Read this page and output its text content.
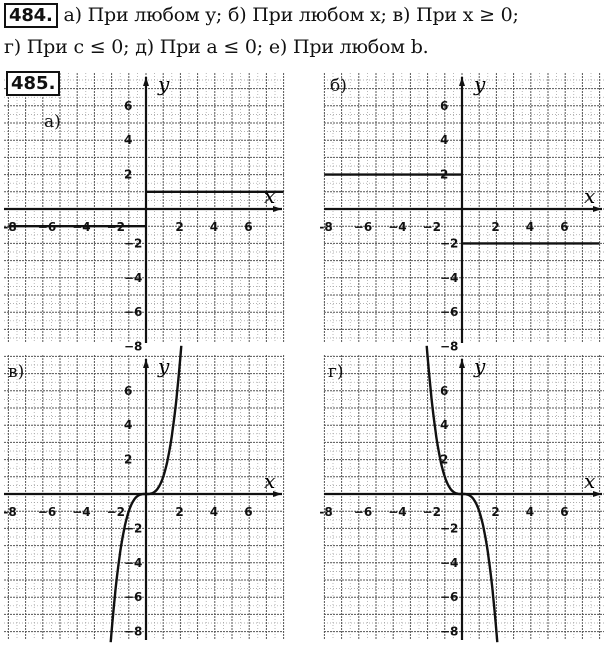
484. а) При любом y; б) При любом x; в) При x ≥ 0;
г) При c ≤ 0; д) При a ≤ 0; е) При любом b.
x
y
-8 −6 −4 −2	2 4 6
6
4
2
−2
−4
−6
−8
а)
x
y
-8 −6 −4 −2	2 4 6
6
4
2
−2
−4
−6
−8
б)
x
y
-8 −6 −4 −2	2 4 6
6
4
2
−2
−4
−6
−8
в)
x
y
-8 −6 −4 −2	2 4 6
6
4
2
−2
−4
−6
−8
г)
485.
